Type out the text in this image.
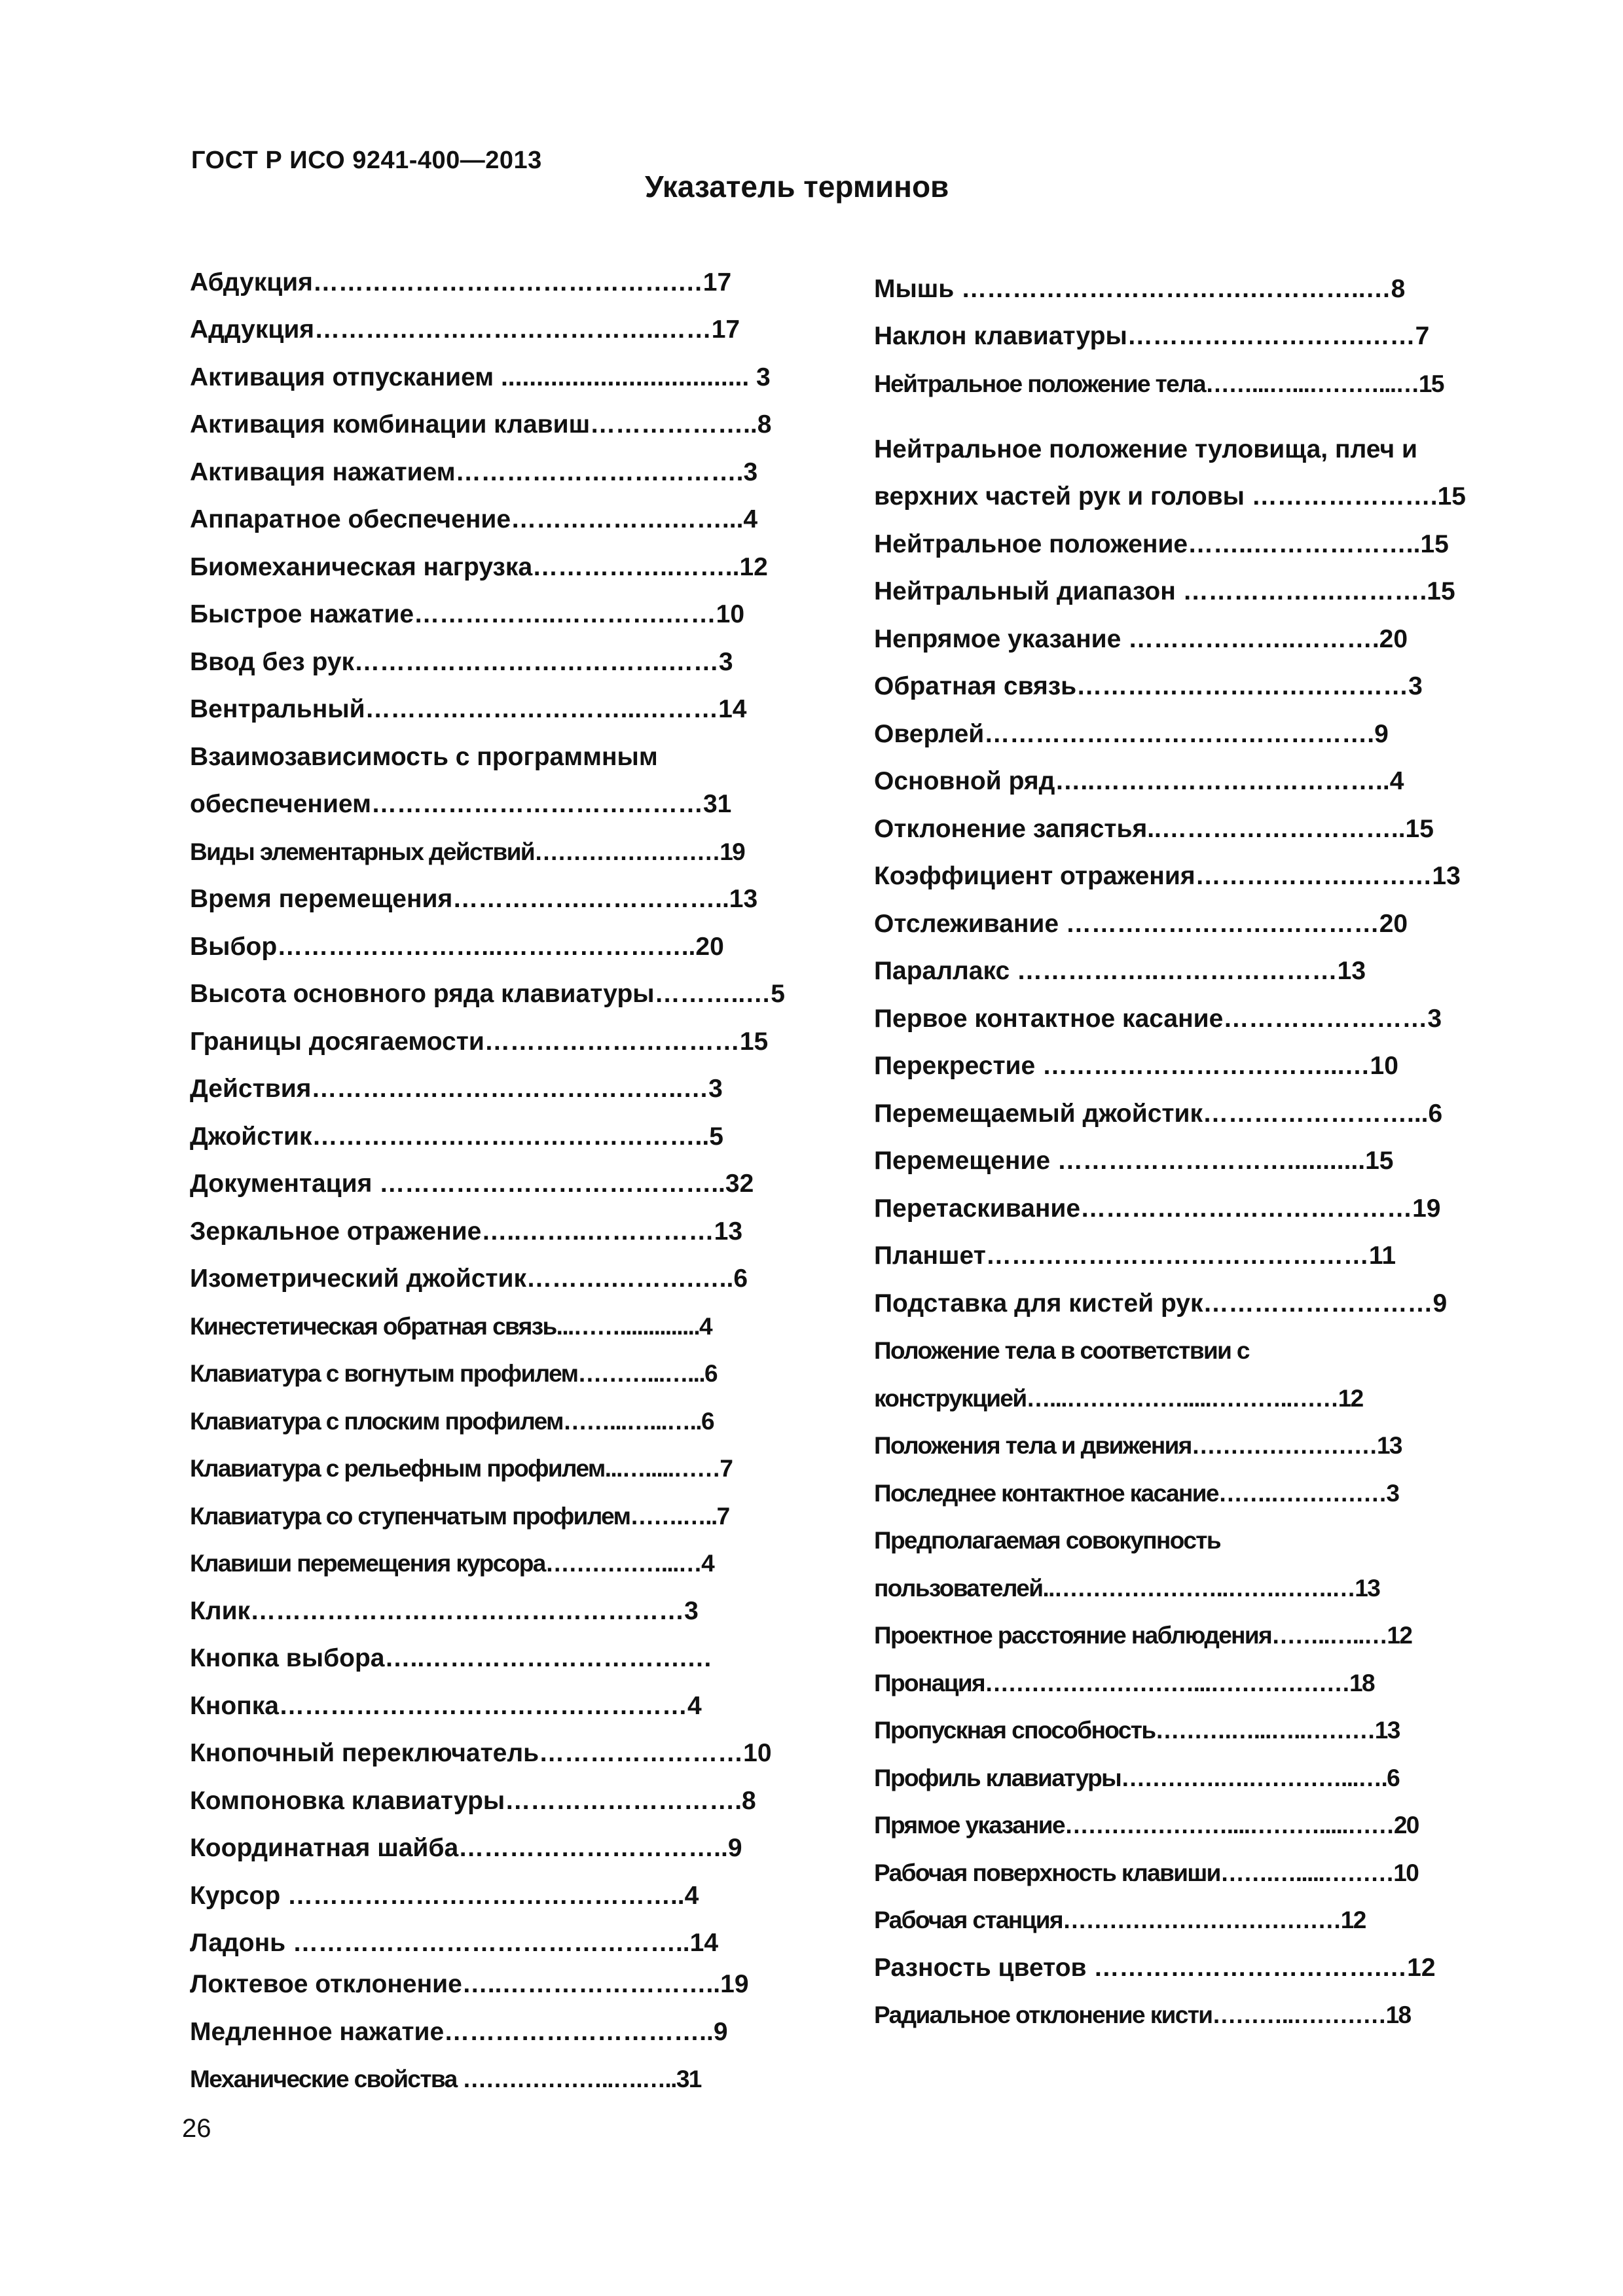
ГОСТ Р ИСО 9241-400—2013
Указатель терминов
Абдукция…………………………………….…17
Аддукция…………………………………..……17
Активация отпусканием ................................... 3
Активация комбинации клавиш………………..8
Активация нажатием…………………………….3
Аппаратное обеспечение……………….……...4
Биомеханическая нагрузка……………..……..12
Быстрое нажатие……………..………….……10
Ввод без рук……………………………….……3
Вентральный…………………………...………14
Взаимозависимость с программным
обеспечением…………………………………31
Виды элементарных действий……………………19
Время перемещения…………….……………..13
Выбор……………………...…………………..20
Высота основного ряда клавиатуры………..…5
Границы досягаемости…………………………15
Действия……………………………………..…3
Джойстик………………………………………..5
Документация …………………………………..32
Зеркальное отражение…..……..……………13
Изометрический джойстик……….……….…..6
Кинестетическая обратная связь...……..............4
Клавиатура с вогнутым профилем………...…...6
Клавиатура с плоским профилем……...…...…..6
Клавиатура с рельефным профилем...….....……7
Клавиатура со ступенчатым профилем…….…..7
Клавиши перемещения курсора……………...…4
Клик……………………………………………3
Кнопка выбора…..………………………….…
Кнопка…………………………………………4
Кнопочный переключатель……………………10
Компоновка клавиатуры……………………….8
Координатная шайба…………………………..9
Курсор ………………………………………..4
Ладонь ………………………………………..14
Локтевое отклонение…..……………………..19
Медленное нажатие…………………………..9
Механические свойства ………………..….…..31
Мышь …………………………….…………..…8
Наклон клавиатуры……………………….……7
Нейтральное положение тела……...…...………...…15
Нейтральное положение туловища, плеч и
верхних частей рук и головы ………………….15
Нейтральное положение……..………………..15
Нейтральный диапазон ……………….……….15
Непрямое указание ………………..……….20
Обратная связь…………………………………3
Оверлей……………………………………….9
Основной ряд…..……………………………..4
Отклонение запястья..………………………..15
Коэффициент отражения……………….………13
Отслеживание …………………….…………20
Параллакс ……………..…………………13
Первое контактное касание……………………3
Перекрестие ……………………………...…10
Перемещаемый джойстик……………………...6
Перемещение ………………………...........15
Перетаскивание…………………………………19
Планшет………………………………………11
Подставка для кистей рук………………………9
Положение тела в соответствии с
конструкцией…...…………….....………..……12
Положения тела и движения……………………13
Последнее контактное касание…….……………3
Предполагаемая совокупность
пользователей..…………………..…….…….…13
Проектное расстояние наблюдения……..…..…12
Пронация………………………...………………18
Пропускная способность……….…...…..………13
Профиль клавиатуры………….….…………...….6
Прямое указание…………………....……….....……20
Рабочая поверхность клавиши…….….....………10
Рабочая станция………………………………12
Разность цветов …………………………….…12
Радиальное отклонение кисти………..…………18
26
